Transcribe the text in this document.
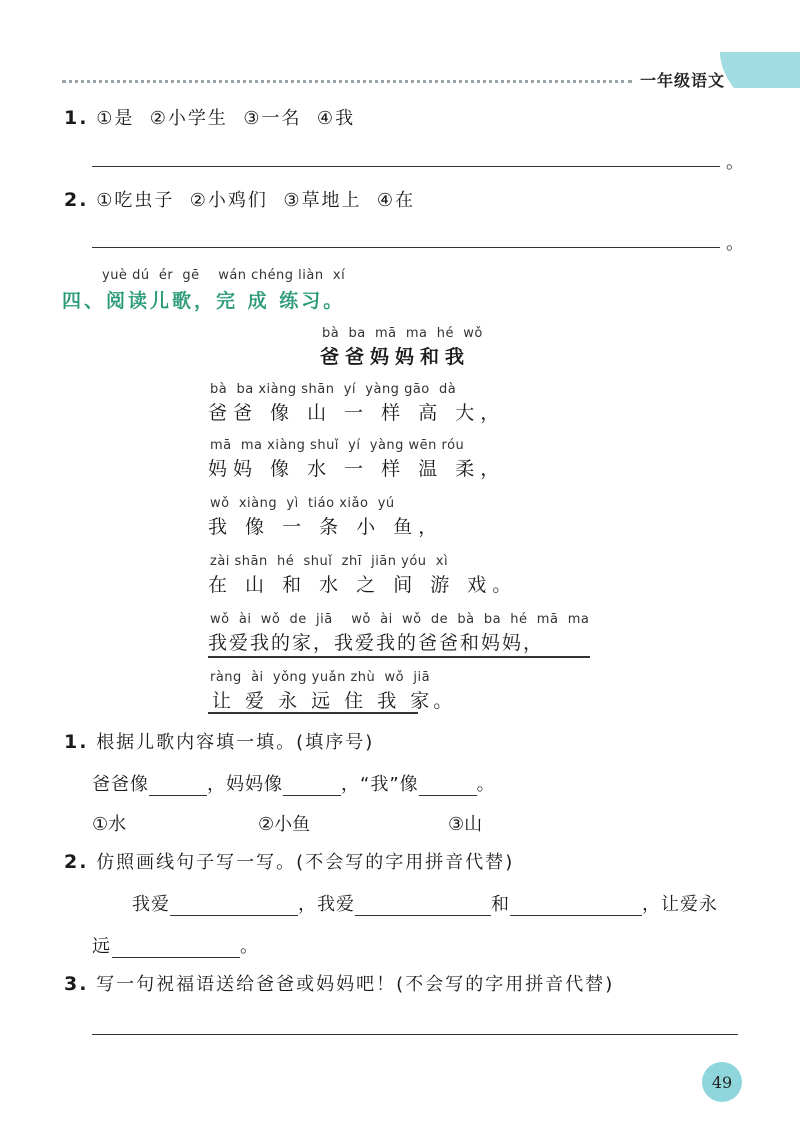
一年级语文
1. ①是  ②小学生  ③一名  ④我
。
2. ①吃虫子  ②小鸡们  ③草地上  ④在
。
yuè dú  ér  gē    wán chéng liàn  xí
四、阅读儿歌，完 成 练习。
bà  ba  mā  ma  hé  wǒ
爸爸妈妈和我
bà  ba xiàng shān  yí  yàng gāo  dà
爸爸 像 山 一 样 高 大，
mā  ma xiàng shuǐ  yí  yàng wēn róu
妈妈 像 水 一 样 温 柔，
wǒ  xiàng  yì  tiáo xiǎo  yú
我 像 一 条 小 鱼，
zài shān  hé  shuǐ  zhī  jiān yóu  xì
在 山 和 水 之 间 游 戏。
wǒ  ài  wǒ  de  jiā    wǒ  ài  wǒ  de  bà  ba  hé  mā  ma
我爱我的家，我爱我的爸爸和妈妈，
ràng  ài  yǒng yuǎn zhù  wǒ  jiā
让 爱 永 远 住 我 家。
1. 根据儿歌内容填一填。(填序号)
爸爸像	，妈妈像	，“我”像	。
①水	②小鱼	③山
2. 仿照画线句子写一写。(不会写的字用拼音代替)
我爱	，我爱	和	，让爱永
远	。
3. 写一句祝福语送给爸爸或妈妈吧！(不会写的字用拼音代替)
49
